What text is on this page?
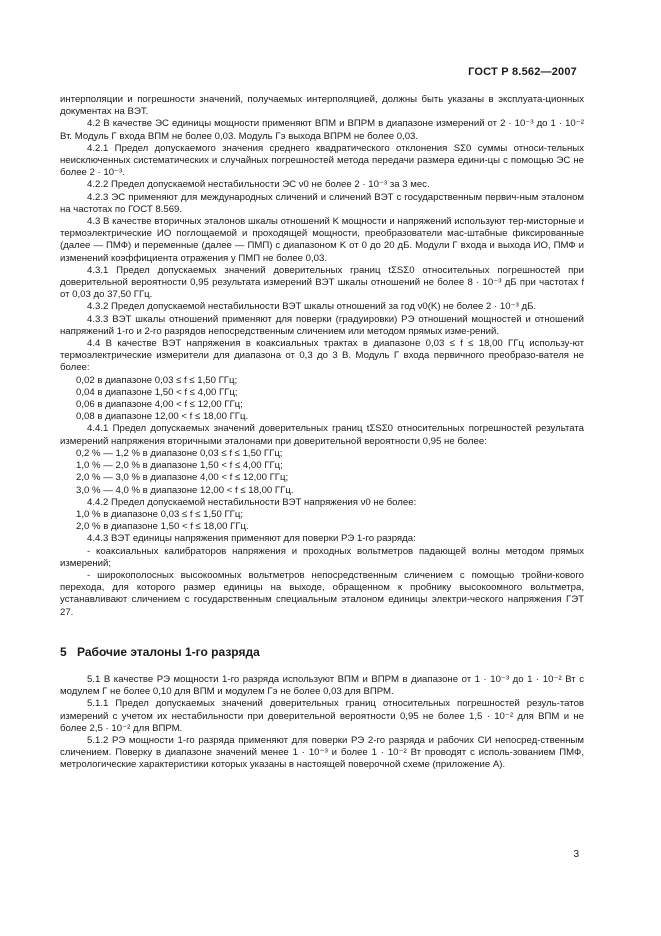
ГОСТ Р 8.562—2007

интерполяции и погрешности значений, получаемых интерполяцией, должны быть указаны в эксплуата-ционных документах на ВЭТ.

4.2 В качестве ЭС единицы мощности применяют ВПМ и ВПРМ в диапазоне измерений от 2 · 10⁻³ до 1 · 10⁻² Вт. Модуль Γ входа ВПМ не более 0,03. Модуль Γэ выхода ВПРМ не более 0,03.

4.2.1 Предел допускаемого значения среднего квадратического отклонения SΣ0 суммы относи-тельных неисключенных систематических и случайных погрешностей метода передачи размера едини-цы с помощью ЭС не более 2 · 10⁻³.

4.2.2 Предел допускаемой нестабильности ЭС ν0 не более 2 · 10⁻³ за 3 мес.

4.2.3 ЭС применяют для международных сличений и сличений ВЭТ с государственным первич-ным эталоном на частотах по ГОСТ 8.569.

4.3 В качестве вторичных эталонов шкалы отношений K мощности и напряжений используют тер-мисторные и термоэлектрические ИО поглощаемой и проходящей мощности, преобразователи мас-штабные фиксированные (далее — ПМФ) и переменные (далее — ПМП) с диапазоном K от 0 до 20 дБ. Модули Γ входа и выхода ИО, ПМФ и изменений коэффициента отражения у ПМП не более 0,03.

4.3.1 Предел допускаемых значений доверительных границ tΣSΣ0 относительных погрешностей при доверительной вероятности 0,95 результата измерений ВЭТ шкалы отношений не более 8 · 10⁻³ дБ при частотах f от 0,03 до 37,50 ГГц.

4.3.2 Предел допускаемой нестабильности ВЭТ шкалы отношений за год ν0(K) не более 2 · 10⁻³ дБ.

4.3.3 ВЭТ шкалы отношений применяют для поверки (градуировки) РЭ отношений мощностей и отношений напряжений 1-го и 2-го разрядов непосредственным сличением или методом прямых изме-рений.

4.4 В качестве ВЭТ напряжения в коаксиальных трактах в диапазоне 0,03 ≤ f ≤ 18,00 ГГц использу-ют термоэлектрические измерители для диапазона от 0,3 до 3 В. Модуль Γ входа первичного преобразо-вателя не более:

0,02 в диапазоне 0,03 ≤ f ≤ 1,50 ГГц;

0,04 в диапазоне 1,50 < f ≤ 4,00 ГГц;

0,06 в диапазоне 4,00 < f ≤ 12,00 ГГц;

0,08 в диапазоне 12,00 < f ≤ 18,00 ГГц.

4.4.1 Предел допускаемых значений доверительных границ tΣSΣ0 относительных погрешностей результата измерений напряжения вторичными эталонами при доверительной вероятности 0,95 не более:

0,2 % — 1,2 % в диапазоне 0,03 ≤ f ≤ 1,50 ГГц;

1,0 % — 2,0 % в диапазоне 1,50 < f ≤ 4,00 ГГц;

2,0 % — 3,0 % в диапазоне 4,00 < f ≤ 12,00 ГГц;

3,0 % — 4,0 % в диапазоне 12,00 < f ≤ 18,00 ГГц.

4.4.2 Предел допускаемой нестабильности ВЭТ напряжения ν0 не более:

1,0 % в диапазоне 0,03 ≤ f ≤ 1,50 ГГц;

2,0 % в диапазоне 1,50 < f ≤ 18,00 ГГц.

4.4.3 ВЭТ единицы напряжения применяют для поверки РЭ 1-го разряда:

- коаксиальных калибраторов напряжения и проходных вольтметров падающей волны методом прямых измерений;

- широкополосных высокоомных вольтметров непосредственным сличением с помощью тройни-кового перехода, для которого размер единицы на выходе, обращенном к пробнику высокоомного вольтметра, устанавливают сличением с государственным специальным эталоном единицы электри-ческого напряжения ГЭТ 27.

5 Рабочие эталоны 1-го разряда

5.1 В качестве РЭ мощности 1-го разряда используют ВПМ и ВПРМ в диапазоне от 1 · 10⁻³ до 1 · 10⁻² Вт с модулем Γ не более 0,10 для ВПМ и модулем Γэ не более 0,03 для ВПРМ.

5.1.1 Предел допускаемых значений доверительных границ относительных погрешностей резуль-татов измерений с учетом их нестабильности при доверительной вероятности 0,95 не более 1,5 · 10⁻² для ВПМ и не более 2,5 · 10⁻² для ВПРМ.

5.1.2 РЭ мощности 1-го разряда применяют для поверки РЭ 2-го разряда и рабочих СИ непосред-ственным сличением. Поверку в диапазоне значений менее 1 · 10⁻³ и более 1 · 10⁻² Вт проводят с исполь-зованием ПМФ, метрологические характеристики которых указаны в настоящей поверочной схеме (приложение А).

3
